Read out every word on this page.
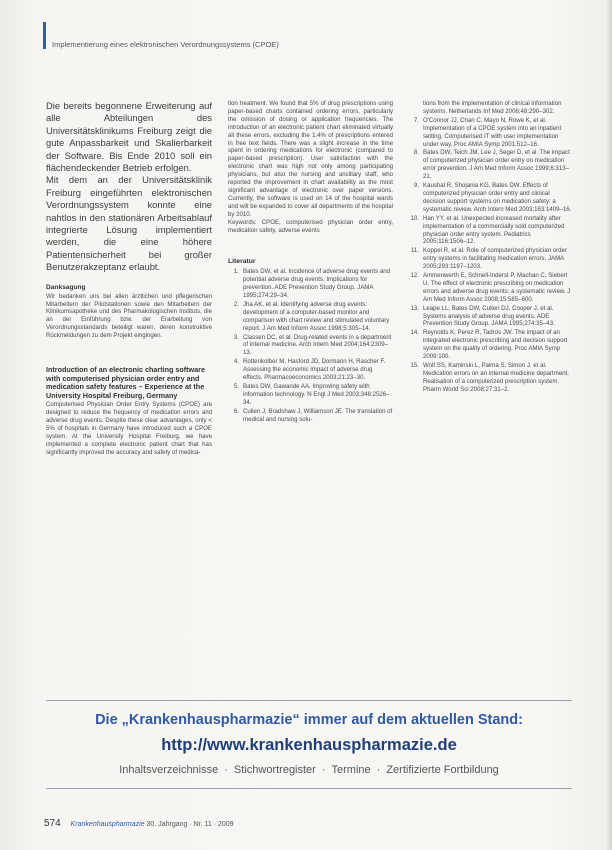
Implementierung eines elektronischen Verordnungssystems (CPOE)

Die bereits begonnene Erweiterung auf alle Abteilungen des Universitätsklinikums Freiburg zeigt die gute Anpassbarkeit und Skalierbarkeit der Software. Bis Ende 2010 soll ein flächendeckender Betrieb erfolgen.

Mit dem an der Universitätsklinik Freiburg eingeführten elektronischen Verordnungssystem konnte eine nahtlos in den stationären Arbeitsablauf integrierte Lösung implementiert werden, die eine höhere Patientensicherheit bei großer Benutzerakzeptanz erlaubt.

Danksagung

Wir bedanken uns bei allen ärztlichen und pflegerischen Mitarbeitern der Pilotstationen sowie den Mitarbeitern der Klinikumsapotheke und des Pharmakologischen Instituts, die an der Einführung bzw. der Erarbeitung von Verordnungsstandards beteiligt waren, deren konstruktive Rückmeldungen zu dem Projekt eingingen.

Introduction of an electronic charting software with computerised physician order entry and medication safety features – Experience at the University Hospital Freiburg, Germany

Computerised Physician Order Entry Systems (CPOE) are designed to reduce the frequency of medication errors and adverse drug events. Despite these clear advantages, only < 5% of hospitals in Germany have introduced such a CPOE system. At the University Hospital Freiburg, we have implemented a complete electronic patient chart that has significantly improved the accuracy and safety of medica-

tion treatment. We found that 5% of drug prescriptions using paper-based charts contained ordering errors, particularly the omission of dosing or application frequencies. The introduction of an electronic patient chart eliminated virtually all these errors, excluding the 1.4% of prescriptions entered in free text fields. There was a slight increase in the time spent in ordering medications for electronic (compared to paper-based prescription). User satisfaction with the electronic chart was high not only among participating physicians, but also the nursing and ancillary staff, who reported the improvement in chart availability as the most significant advantage of electronic over paper versions. Currently, the software is used on 14 of the hospital wards and will be expanded to cover all departments of the hospital by 2010.

Keywords: CPOE, computerised physician order entry, medication safety, adverse events

Literatur
1. Bates DW, et al. Incidence of adverse drug events and potential adverse drug events. Implications for prevention. ADE Prevention Study Group. JAMA 1995;274:29–34.
2. Jha AK, et al. Identifying adverse drug events: development of a computer-based monitor and comparison with chart review and stimulated voluntary report. J Am Med Inform Assoc 1998;5:305–14.
3. Classen DC, et al. Drug-related events in a department of internal medicine. Arch Intern Med 2004;164:2309–13.
4. Rottenkolber M, Hasford JD, Dormann H, Rascher F. Assessing the economic impact of adverse drug effects. Pharmacoeconomics 2003;21:23–30.
5. Bates DW, Gawande AA. Improving safety with information technology. N Engl J Med 2003;348:2526–34.
6. Cullen J, Bradshaw J, Williamson JE. The translation of medical and nursing solu-
tions from the implementation of clinical information systems. Netherlands Inf Med 2006;48:290–302.
7. O'Connor JJ, Chan C, Mayo N, Rowe K, et al. Implementation of a CPOE system into an inpatient setting. Computerised IT with user implementation under way. Proc AMIA Symp 2001:512–16.
8. Bates DW, Teich JM, Lee J, Seger D, et al. The impact of computerized physician order entry on medication error prevention. J Am Med Inform Assoc 1999;6:313–21.
9. Kaushal R, Shojania KG, Bates DW. Effects of computerized physician order entry and clinical decision support systems on medication safety: a systematic review. Arch Intern Med 2003;163:1409–16.
10. Han YY, et al. Unexpected increased mortality after implementation of a commercially sold computerized physician order entry system. Pediatrics 2005;116:1506–12.
11. Koppel R, et al. Role of computerized physician order entry systems in facilitating medication errors. JAMA 2005;293:1197–1203.
12. Ammenwerth E, Schnell-Inderst P, Machan C, Siebert U. The effect of electronic prescribing on medication errors and adverse drug events: a systematic review. J Am Med Inform Assoc 2008;15:585–600.
13. Leape LL, Bates DW, Cullen DJ, Cooper J, et al. Systems analysis of adverse drug events. ADE Prevention Study Group. JAMA 1995;274:35–43.
14. Reynolds K, Perez R, Tadros JW. The impact of an integrated electronic prescribing and decision support system on the quality of ordering. Proc AMIA Symp 2009:100.
15. Wolf SS, Kaminski L, Palma S, Simon J. et al. Medication errors on an internal medicine department. Realisation of a computerized prescription system. Pharm World Sci 2008;27:31–2.
Die „Krankenhauspharmazie“ immer auf dem aktuellen Stand:
http://www.krankenhauspharmazie.de
Inhaltsverzeichnisse · Stichwortregister · Termine · Zertifizierte Fortbildung
574 Krankenhauspharmazie 30. Jahrgang · Nr. 11 · 2009
